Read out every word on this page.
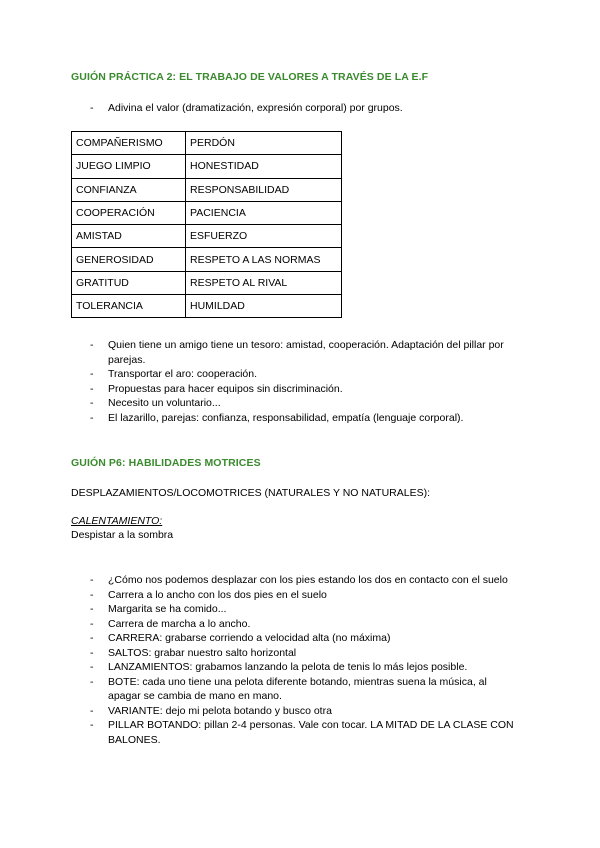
GUIÓN PRÁCTICA 2: EL TRABAJO DE VALORES A TRAVÉS DE LA E.F
- Adivina el valor (dramatización, expresión corporal) por grupos.
COMPAÑERISMO	PERDÓN
JUEGO LIMPIO	HONESTIDAD
CONFIANZA	RESPONSABILIDAD
COOPERACIÓN	PACIENCIA
AMISTAD	ESFUERZO
GENEROSIDAD	RESPETO A LAS NORMAS
GRATITUD	RESPETO AL RIVAL
TOLERANCIA	HUMILDAD
- Quien tiene un amigo tiene un tesoro: amistad, cooperación. Adaptación del pillar por parejas.
- Transportar el aro: cooperación.
- Propuestas para hacer equipos sin discriminación.
- Necesito un voluntario...
- El lazarillo, parejas: confianza, responsabilidad, empatía (lenguaje corporal).
GUIÓN P6: HABILIDADES MOTRICES
DESPLAZAMIENTOS/LOCOMOTRICES (NATURALES Y NO NATURALES):
CALENTAMIENTO:
Despistar a la sombra
- ¿Cómo nos podemos desplazar con los pies estando los dos en contacto con el suelo
- Carrera a lo ancho con los dos pies en el suelo
- Margarita se ha comido...
- Carrera de marcha a lo ancho.
- CARRERA: grabarse corriendo a velocidad alta (no máxima)
- SALTOS: grabar nuestro salto horizontal
- LANZAMIENTOS: grabamos lanzando la pelota de tenis lo más lejos posible.
- BOTE: cada uno tiene una pelota diferente botando, mientras suena la música, al apagar se cambia de mano en mano.
- VARIANTE: dejo mi pelota botando y busco otra
- PILLAR BOTANDO: pillan 2-4 personas. Vale con tocar. LA MITAD DE LA CLASE CON BALONES.
